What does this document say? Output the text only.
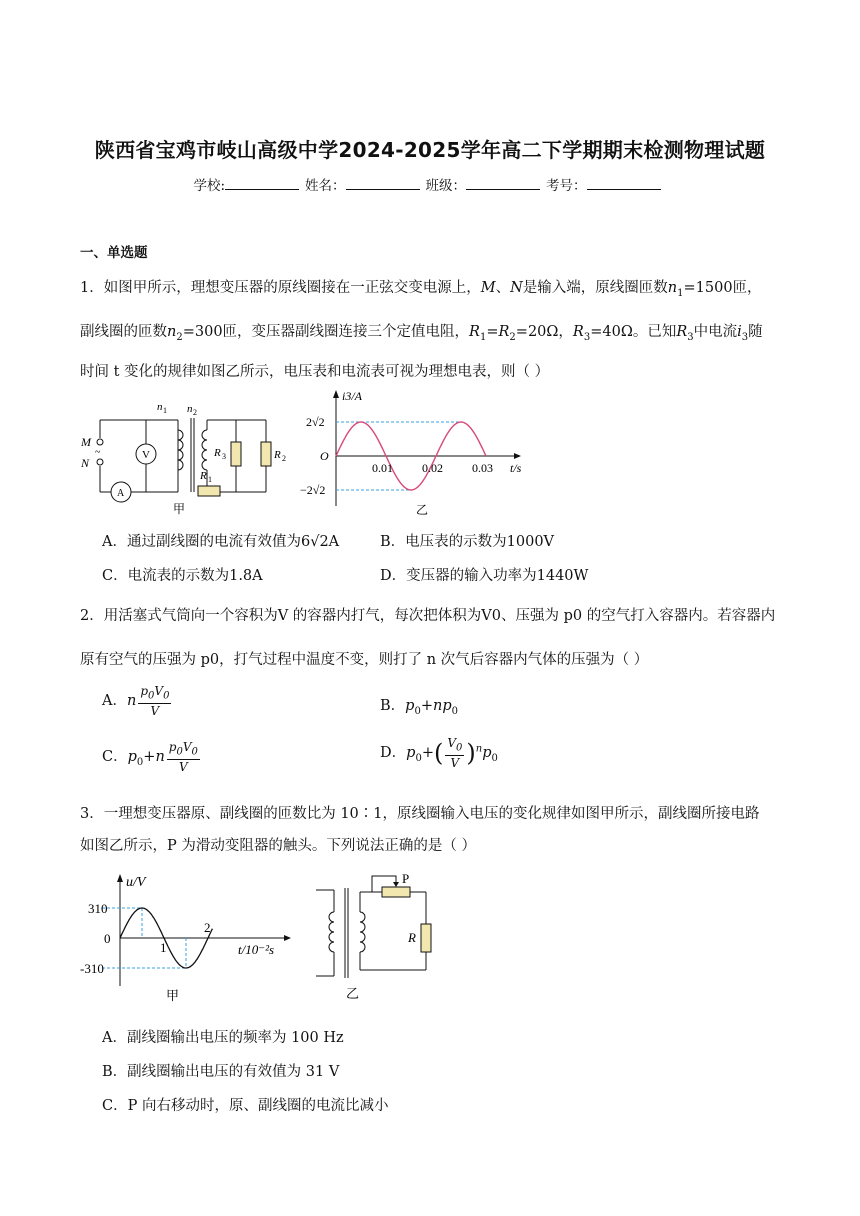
陕西省宝鸡市岐山高级中学2024-2025学年高二下学期期末检测物理试题
学校:	姓名：	班级：	考号：
一、单选题
1．如图甲所示，理想变压器的原线圈接在一正弦交变电源上，M、N是输入端，原线圈匝数$n_1=1500$匝，
副线圈的匝数$n_2=300$匝，变压器副线圈连接三个定值电阻，$R_1=R_2=20\Omega$，$R_3=40\Omega$。已知$R_3$中电流$i_3$随
时间 t 变化的规律如图乙所示，电压表和电流表可视为理想电表，则（ ）
V
A
M
N
~
n 1 n 2
R 3	R 2
R 1
甲
i3/A
t/s
2√2
−2√2
O
0.01 0.02 0.03
乙
A．通过副线圈的电流有效值为6√2A	B．电压表的示数为1000V
C．电流表的示数为1.8A	D．变压器的输入功率为1440W
2．用活塞式气筒向一个容积为V 的容器内打气，每次把体积为V0、压强为 p0 的空气打入容器内。若容器内
原有空气的压强为 p0，打气过程中温度不变，则打了 n 次气后容器内气体的压强为（ ）
A．n $\frac{p_0V_0}{V}$	B．$p_0+np_0$
C．$p_0+n \frac{p_0V_0}{V}$	D．$p_0+( \frac{V_0}{V} )^np_0$
3．一理想变压器原、副线圈的匝数比为 10∶1，原线圈输入电压的变化规律如图甲所示，副线圈所接电路
如图乙所示，P 为滑动变阻器的触头。下列说法正确的是（ ）
u/V
t/10⁻²s
310
0
-310
1
2
甲
P
R
乙
A．副线圈输出电压的频率为 100 Hz
B．副线圈输出电压的有效值为 31 V
C．P 向右移动时，原、副线圈的电流比减小
